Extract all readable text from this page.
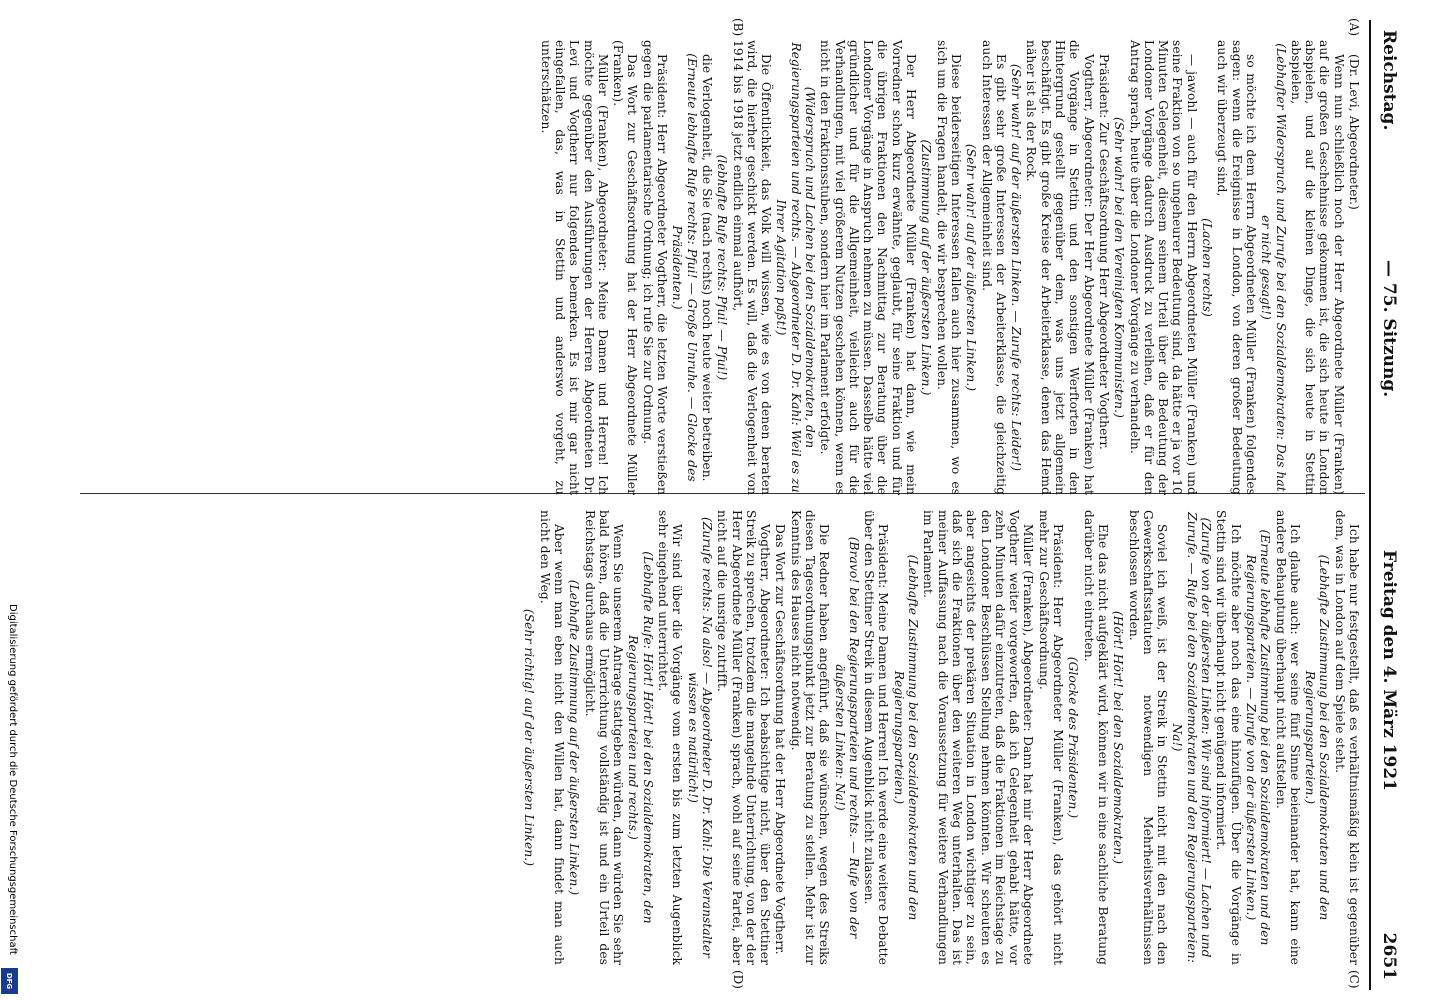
Reichstag.
— 75. Sitzung.
Freitag den 4. März 1921
2651
(A)
(B)
(C)
(D)

(Dr. Levi, Abgeordneter.)

Wenn nun schließlich noch der Herr Abgeordnete Müller (Franken) auf die großen Geschehnisse gekommen ist, die sich heute in London abspielen, und auf die kleinen Dinge, die sich heute in Stettin abspielen,

(Lebhafter Widerspruch und Zurufe bei den Sozialdemokraten: Das hat er nicht gesagt!)

so möchte ich dem Herrn Abgeordneten Müller (Franken) folgendes sagen: wenn die Ereignisse in London, von deren großer Bedeutung auch wir überzeugt sind,

(Lachen rechts)

— jawohl — auch für den Herrn Abgeordneten Müller (Franken) und seine Fraktion von so ungeheurer Bedeutung sind, da hätte er ja vor 10 Minuten Gelegenheit, diesem seinem Urteil über die Bedeutung der Londoner Vorgänge dadurch Ausdruck zu verleihen, daß er für den Antrag sprach, heute über die Londoner Vorgänge zu verhandeln.

(Sehr wahr! bei den Vereinigten Kommunisten.)

Präsident: Zur Geschäftsordnung Herr Abgeordneter Vogtherr.

Vogtherr, Abgeordneter: Der Herr Abgeordnete Müller (Franken) hat die Vorgänge in Stettin und den sonstigen Werftorten in den Hintergrund gestellt gegenüber dem, was uns jetzt allgemein beschäftigt. Es gibt große Kreise der Arbeiterklasse, denen das Hemd näher ist als der Rock.

(Sehr wahr! auf der äußersten Linken. — Zurufe rechts: Leider!)

Es gibt sehr große Interessen der Arbeiterklasse, die gleichzeitig auch Interessen der Allgemeinheit sind.

(Sehr wahr! auf der äußersten Linken.)

Diese beiderseitigen Interessen fallen auch hier zusammen, wo es sich um die Fragen handelt, die wir besprechen wollen.

(Zustimmung auf der äußersten Linken.)

Der Herr Abgeordnete Müller (Franken) hat dann, wie mein Vorredner schon kurz erwähnte, geglaubt, für seine Fraktion und für die übrigen Fraktionen den Nachmittag zur Beratung über die Londoner Vorgänge in Anspruch nehmen zu müssen. Dasselbe hätte viel gründlicher und für die Allgemeinheit, vielleicht auch für die Verhandlungen, mit viel größerem Nutzen geschehen können, wenn es nicht in den Fraktionsstuben, sondern hier im Parlament erfolgte.

(Widerspruch und Lachen bei den Sozialdemokraten, den Regierungsparteien und rechts. — Abgeordneter D. Dr. Kahl: Weil es zu Ihrer Agitation paßt!)

Die Öffentlichkeit, das Volk will wissen, wie es von denen beraten wird, die hierher geschickt werden. Es will, daß die Verlogenheit von 1914 bis 1918 jetzt endlich einmal aufhört,

(lebhafte Rufe rechts: Pfui! — Pfui!)

die Verlogenheit, die Sie (nach rechts) noch heute weiter betreiben.

(Erneute lebhafte Rufe rechts: Pfui! — Große Unruhe. — Glocke des Präsidenten.)

Präsident: Herr Abgeordneter Vogtherr, die letzten Worte verstießen gegen die parlamentarische Ordnung; ich rufe Sie zur Ordnung.

Das Wort zur Geschäftsordnung hat der Herr Abgeordnete Müller (Franken).

Müller (Franken), Abgeordneter: Meine Damen und Herren! Ich möchte gegenüber den Ausführungen der Herren Abgeordneten Dr. Levi und Vogtherr nur folgendes bemerken. Es ist mir gar nicht eingefallen, das, was in Stettin und anderswo vorgeht, zu unterschätzen.

Ich habe nur festgestellt, daß es verhältnismäßig klein ist gegenüber dem, was in London auf dem Spiele steht.

(Lebhafte Zustimmung bei den Sozialdemokraten und den Regierungsparteien.)

Ich glaube auch: wer seine fünf Sinne beieinander hat, kann eine andere Behauptung überhaupt nicht aufstellen.

(Erneute lebhafte Zustimmung bei den Sozialdemokraten und den Regierungsparteien. — Zurufe von der äußersten Linken.)

Ich möchte aber noch das eine hinzufügen. Über die Vorgänge in Stettin sind wir überhaupt nicht genügend informiert.

(Zurufe von der äußersten Linken: Wir sind informiert! — Lachen und Zurufe. — Rufe bei den Sozialdemokraten und den Regierungsparteien: Na!)

Soviel ich weiß, ist der Streik in Stettin nicht mit den nach den Gewerkschaftsstatuten notwendigen Mehrheitsverhältnissen beschlossen worden.

(Hört! Hört! bei den Sozialdemokraten.)

Ehe das nicht aufgeklärt wird, können wir in eine sachliche Beratung darüber nicht eintreten.

(Glocke des Präsidenten.)

Präsident: Herr Abgeordneter Müller (Franken), das gehört nicht mehr zur Geschäftsordnung.

Müller (Franken), Abgeordneter: Dann hat mir der Herr Abgeordnete Vogtherr weiter vorgeworfen, daß ich Gelegenheit gehabt hätte, vor zehn Minuten dafür einzutreten, daß die Fraktionen im Reichstage zu den Londoner Beschlüssen Stellung nehmen könnten. Wir scheuten es aber angesichts der prekären Situation in London wichtiger zu sein, daß sich die Fraktionen über den weiteren Weg unterhalten. Das ist meiner Auffassung nach die Voraussetzung für weitere Verhandlungen im Parlament.

(Lebhafte Zustimmung bei den Sozialdemokraten und den Regierungsparteien.)

Präsident: Meine Damen und Herren! Ich werde eine weitere Debatte über den Stettiner Streik in diesem Augenblick nicht zulassen.

(Bravo! bei den Regierungsparteien und rechts. — Rufe von der äußersten Linken: Na!)

Die Redner haben angeführt, daß sie wünschen, wegen des Streiks diesen Tagesordnungspunkt jetzt zur Beratung zu stellen. Mehr ist zur Kenntnis des Hauses nicht notwendig.

Das Wort zur Geschäftsordnung hat der Herr Abgeordnete Vogtherr.

Vogtherr, Abgeordneter: Ich beabsichtige nicht, über den Stettiner Streik zu sprechen, trotzdem die mangelnde Unterrichtung, von der der Herr Abgeordnete Müller (Franken) sprach, wohl auf seine Partei, aber nicht auf die unsrige zutrifft.

(Zurufe rechts: Na also! — Abgeordneter D. Dr. Kahl: Die Veranstalter wissen es natürlich!)

Wir sind über die Vorgänge vom ersten bis zum letzten Augenblick sehr eingehend unterrichtet.

(Lebhafte Rufe: Hört! Hört! bei den Sozialdemokraten, den Regierungsparteien und rechts.)

Wenn Sie unserem Antrage stattgeben würden, dann würden Sie sehr bald hören, daß die Unterrichtung vollständig ist und ein Urteil des Reichstags durchaus ermöglicht.

(Lebhafte Zustimmung auf der äußersten Linken.)

Aber wenn man eben nicht den Willen hat, dann findet man auch nicht den Weg.

(Sehr richtig! auf der äußersten Linken.)

Digitalisierung gefördert durch die Deutsche Forschungsgemeinschaft
DFG
